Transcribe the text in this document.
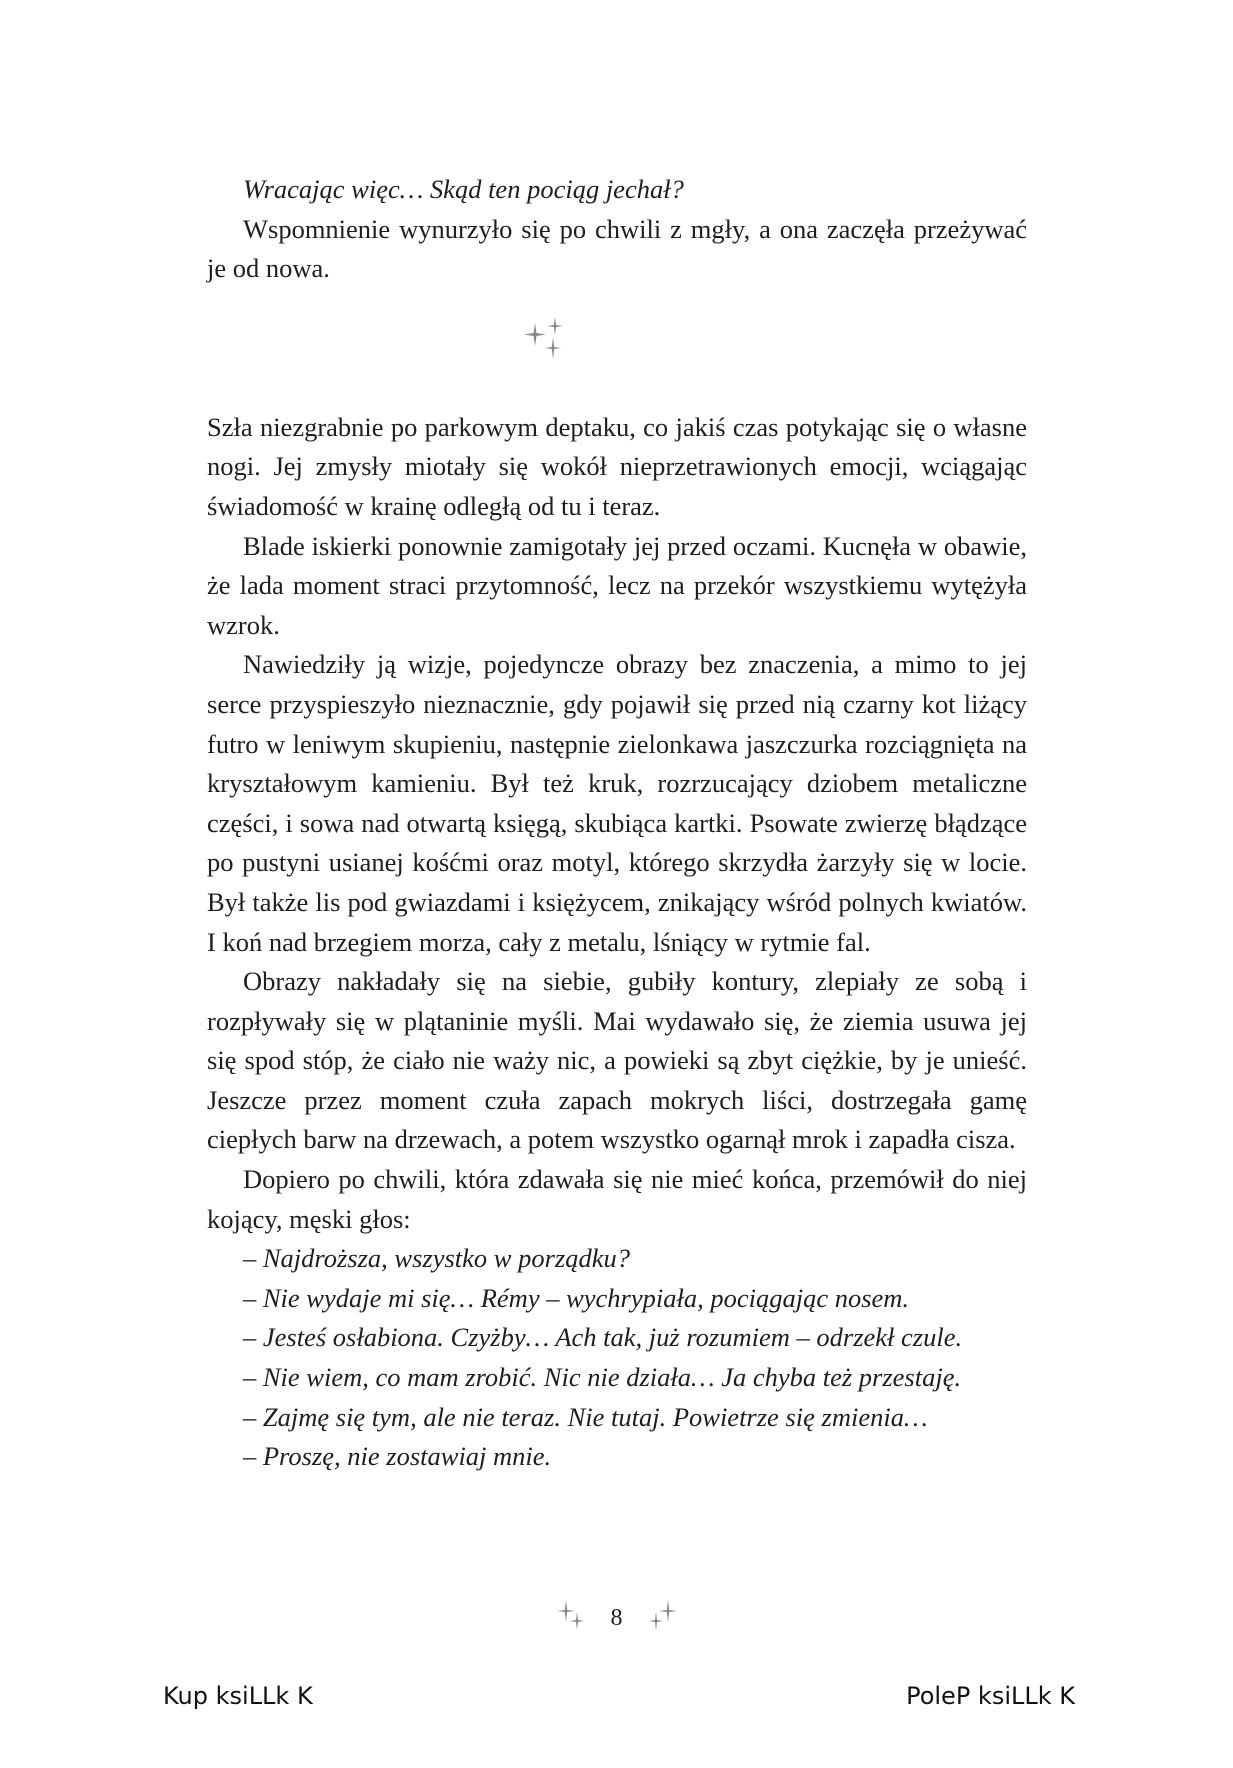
Wracając więc… Skąd ten pociąg jechał?

Wspomnienie wynurzyło się po chwili z mgły, a ona zaczęła przeżywać je od nowa.

Szła niezgrabnie po parkowym deptaku, co jakiś czas potykając się o własne nogi. Jej zmysły miotały się wokół nieprzetrawionych emocji, wciągając świadomość w krainę odległą od tu i teraz.

Blade iskierki ponownie zamigotały jej przed oczami. Kucnęła w obawie, że lada moment straci przytomność, lecz na przekór wszystkiemu wytężyła wzrok.

Nawiedziły ją wizje, pojedyncze obrazy bez znaczenia, a mimo to jej serce przyspieszyło nieznacznie, gdy pojawił się przed nią czarny kot liżący futro w leniwym skupieniu, następnie zielonkawa jaszczurka rozciągnięta na kryształowym kamieniu. Był też kruk, rozrzucający dziobem metaliczne części, i sowa nad otwartą księgą, skubiąca kartki. Psowate zwierzę błądzące po pustyni usianej kośćmi oraz motyl, którego skrzydła żarzyły się w locie. Był także lis pod gwiazdami i księżycem, znikający wśród polnych kwiatów. I koń nad brzegiem morza, cały z metalu, lśniący w rytmie fal.

Obrazy nakładały się na siebie, gubiły kontury, zlepiały ze sobą i rozpływały się w plątaninie myśli. Mai wydawało się, że ziemia usuwa jej się spod stóp, że ciało nie waży nic, a powieki są zbyt ciężkie, by je unieść. Jeszcze przez moment czuła zapach mokrych liści, dostrzegała gamę ciepłych barw na drzewach, a potem wszystko ogarnął mrok i zapadła cisza.

Dopiero po chwili, która zdawała się nie mieć końca, przemówił do niej kojący, męski głos:

– Najdroższa, wszystko w porządku?

– Nie wydaje mi się… Rémy – wychrypiała, pociągając nosem.

– Jesteś osłabiona. Czyżby… Ach tak, już rozumiem – odrzekł czule.

– Nie wiem, co mam zrobić. Nic nie działa… Ja chyba też przestaję.

– Zajmę się tym, ale nie teraz. Nie tutaj. Powietrze się zmienia…

– Proszę, nie zostawiaj mnie.

8
Kup ksiLLk K	PoleP ksiLLk K
